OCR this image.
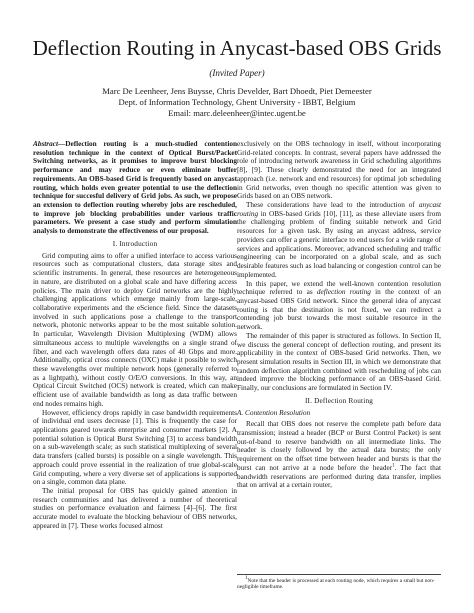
Deflection Routing in Anycast-based OBS Grids
(Invited Paper)
Marc De Leenheer, Jens Buysse, Chris Develder, Bart Dhoedt, Piet Demeester
Dept. of Information Technology, Ghent University - IBBT, Belgium
Email: marc.deleenheer@intec.ugent.be

Abstract—Deflection routing is a much-studied contention resolution technique in the context of Optical Burst/Packet Switching networks, as it promises to improve burst blocking performance and may reduce or even eliminate buffer requirements. An OBS-based Grid is frequently based on anycast routing, which holds even greater potential to use the deflection technique for succesful delivery of Grid jobs. As such, we propose an extension to deflection routing whereby jobs are rescheduled, to improve job blocking probabilities under various traffic parameters. We present a case study and perform simulation analysis to demonstrate the effectiveness of our proposal.

I. Introduction

Grid computing aims to offer a unified interface to access various resources such as computational clusters, data storage sites and scientific instruments. In general, these resources are heterogeneous in nature, are distributed on a global scale and have differing access policies. The main driver to deploy Grid networks are the highly challenging applications which emerge mainly from large-scale, collaborative experiments and the eScience field. Since the datasets involved in such applications pose a challenge to the transport network, photonic networks appear to be the most suitable solution. In particular, Wavelength Division Multiplexing (WDM) allows simultaneous access to multiple wavelengths on a single strand of fiber, and each wavelength offers data rates of 40 Gbps and more. Additionally, optical cross connects (OXC) make it possible to switch these wavelengths over multiple network hops (generally referred to as a lightpath), without costly O/E/O conversions. In this way, an Optical Circuit Switched (OCS) network is created, which can make efficient use of available bandwidth as long as data traffic between end nodes remains high.

However, efficiency drops rapidly in case bandwidth requirements of individual end users decrease [1]. This is frequently the case for applications geared towards enterprise and consumer markets [2]. A potential solution is Optical Burst Switching [3] to access bandwidth on a sub-wavelength scale; as such statistical multiplexing of several data transfers (called bursts) is possible on a single wavelength. This approach could prove essential in the realization of true global-scale Grid computing, where a very diverse set of applications is supported on a single, common data plane.

The initial proposal for OBS has quickly gained attention in research communities and has delivered a number of theoretical studies on performance evaluation and fairness [4]–[6]. The first accurate model to evaluate the blocking behaviour of OBS networks, appeared in [7]. These works focused almost

exclusively on the OBS technology in itself, without incorporating Grid-related concepts. In contrast, several papers have addressed the role of introducing network awareness in Grid scheduling algorithms [8], [9]. These clearly demonstrated the need for an integrated approach (i.e. network and end resources) for optimal job scheduling in Grid networks, even though no specific attention was given to Grids based on an OBS network.

These considerations have lead to the introduction of anycast routing in OBS-based Grids [10], [11], as these alleviate users from the challenging problem of finding suitable network and Grid resources for a given task. By using an anycast address, service providers can offer a generic interface to end users for a wide range of services and applications. Moreover, advanced scheduling and traffic engineering can be incorporated on a global scale, and as such desirable features such as load balancing or congestion control can be implemented.

In this paper, we extend the well-known contention resolution technique referred to as deflection routing in the context of an anycast-based OBS Grid network. Since the general idea of anycast routing is that the destination is not fixed, we can redirect a contending job burst towards the most suitable resource in the network.

The remainder of this paper is structured as follows. In Section II, we discuss the general concept of deflection routing, and present its applicability in the context of OBS-based Grid networks. Then, we present simulation results in Section III, in which we demonstrate that random deflection algorithm combined with rescheduling of jobs can indeed improve the blocking performance of an OBS-based Grid. Finally, our conclusions are formulated in Section IV.

II. Deflection Routing
A. Contention Resolution

Recall that OBS does not reserve the complete path before data transmission; instead a header (BCP or Burst Control Packet) is sent out-of-band to reserve bandwidth on all intermediate links. The header is closely followed by the actual data bursts; the only requirement on the offset time between header and bursts is that the burst can not arrive at a node before the header$^1$. The fact that bandwidth reservations are performed during data transfer, implies that on arrival at a certain router,

$^1$Note that the header is processed at each routing node, which requires a small but non-negligible timeframe.
